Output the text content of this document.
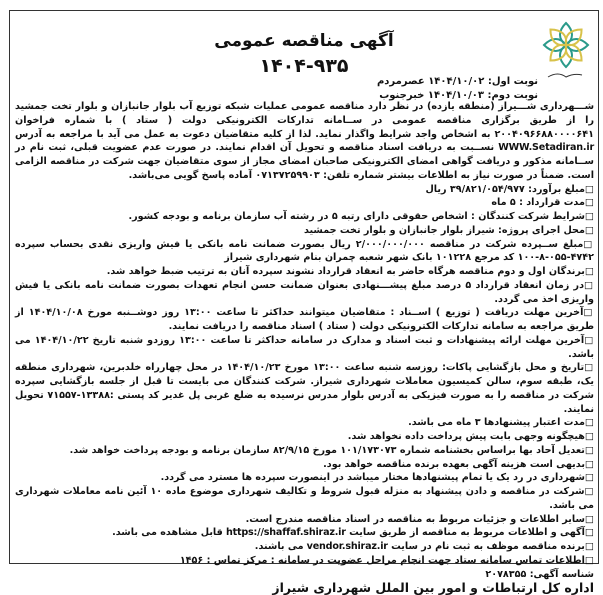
آگهی مناقصه عمومی
۱۴۰۴-۹۳۵
نوبت اول: ۱۴۰۴/۱۰/۰۲ عصرمردم
نوبت دوم: ۱۴۰۴/۱۰/۰۳ خبرجنوب

شـــهرداری شـــیراز (منطقه یازده) در نظر دارد مناقصه عمومی عملیات شبکه توزیع آب بلوار جانبازان و بلوار تخت جمشید را از طریق برگزاری مناقصه عمومی در ســامانه تدارکات الکترونیکی دولت ( ستاد ) با شماره فراخوان ۲۰۰۴۰۹۶۶۸۸۰۰۰۰۶۴۱ به اشخاص واجد شرایط واگذار نماید. لذا از کلیه متقاضیان دعوت به عمل می آید با مراجعه به آدرس WWW.Setadiran.ir نســبت به دریافت اسناد مناقصه و تحویل آن اقدام نمایند. در صورت عدم عضویت قبلی، ثبت نام در ســامانه مذکور و دریافت گواهی امضای الکترونیکی صاحبان امضای مجاز از سوی متقاضیان جهت شرکت در مناقصه الزامی است. ضمناً در صورت نیاز به اطلاعات بیشتر شماره تلفن: ۰۷۱۳۷۲۵۹۹۰۳ آماده پاسخ گویی می‌باشد.

□ مبلغ برآورد: ۳۹/۸۲۱/۰۵۴/۹۷۷ ریال

□ مدت قرارداد : ۵ ماه

□ شرایط شرکت کنندگان : اشخاص حقوقی دارای رتبه ۵ در رشته آب سازمان برنامه و بودجه کشور.

□ محل اجرای پروژه: شیراز بلوار جانبازان و بلوار تخت جمشید

□ مبلغ ســپرده شرکت در مناقصه ۲/۰۰۰/۰۰۰/۰۰۰ ریال بصورت ضمانت نامه بانکی یا فیش واریزی نقدی بحساب سپرده ۴۷۴۲-۰۵۵-۸-۱۰۰ کد مرجع ۱۰۱۲۲۸ بانک شهر شعبه چمران بنام شهرداری شیراز

□ برندگان اول و دوم مناقصه هرگاه حاضر به انعقاد قرارداد نشوند سپرده آنان به ترتیب ضبط خواهد شد.

□ در زمان انعقاد قرارداد ۵ درصد مبلغ پیشـــنهادی بعنوان ضمانت حسن انجام تعهدات بصورت ضمانت نامه بانکی یا فیش واریزی اخذ می گردد.

□ آخرین مهلت دریافت ( توزیع ) اســناد : متقاضیان میتوانند حداکثر تا ساعت ۱۳:۰۰ روز دوشــنبه مورخ ۱۴۰۴/۱۰/۰۸ از طریق مراجعه به سامانه تدارکات الکترونیکی دولت ( ستاد ) اسناد مناقصه را دریافت نمایند.

□ آخرین مهلت ارائه پیشنهادات و ثبت اسناد و مدارک در سامانه حداکثر تا ساعت ۱۳:۰۰ روزدو شنبه تاریخ ۱۴۰۴/۱۰/۲۲ می باشد.

□ تاریخ و محل بازگشایی پاکات: روزسه شنبه ساعت ۱۳:۰۰ مورخ ۱۴۰۴/۱۰/۲۳ در محل چهارراه خلدبرین، شهرداری منطقه یک، طبقه سوم، سالن کمیسیون معاملات شهرداری شیراز. شرکت کنندگان می بایست تا قبل از جلسه بازگشایی سپرده شرکت در مناقصه را به صورت فیزیکی به آدرس بلوار مدرس نرسیده به ضلع غربی پل غدیر کد پستی :۱۳۳۸۸-۷۱۵۵۷ تحویل نمایند.

□ مدت اعتبار پیشنهادها ۳ ماه می باشد.

□ هیچگونه وجهی بابت پیش پرداخت داده نخواهد شد.

□ تعدیل آحاد بها براساس بخشنامه شماره ۱۰۱/۱۷۳۰۷۳ مورخ ۸۲/۹/۱۵ سازمان برنامه و بودجه پرداخت خواهد شد.

□ بدیهی است هزینه آگهی بعهده برنده مناقصه خواهد بود.

□ شهرداری در رد یک یا تمام پیشنهادها مختار میباشد در اینصورت سپرده ها مسترد می گردد.

□ شرکت در مناقصه و دادن پیشنهاد به منزله قبول شروط و تکالیف شهرداری موضوع ماده ۱۰ آئین نامه معاملات شهرداری می باشد.

□ سایر اطلاعات و جزئیات مربوط به مناقصه در اسناد مناقصه مندرج است.

□ آگهی و اطلاعات مربوط به مناقصه از طریق سایت https://shaffaf.shiraz.ir قابل مشاهده می باشد.

□ برنده مناقصه موظف به ثبت نام در سایت vendor.shiraz.ir می باشند.

□ اطلاعات تماس سامانه ستاد جهت انجام مراحل عضویت در سامانه : مرکز تماس : ۱۴۵۶

شناسه آگهی: ۲۰۷۸۳۵۵

اداره کل ارتباطات و امور بین الملل شهرداری شیراز
